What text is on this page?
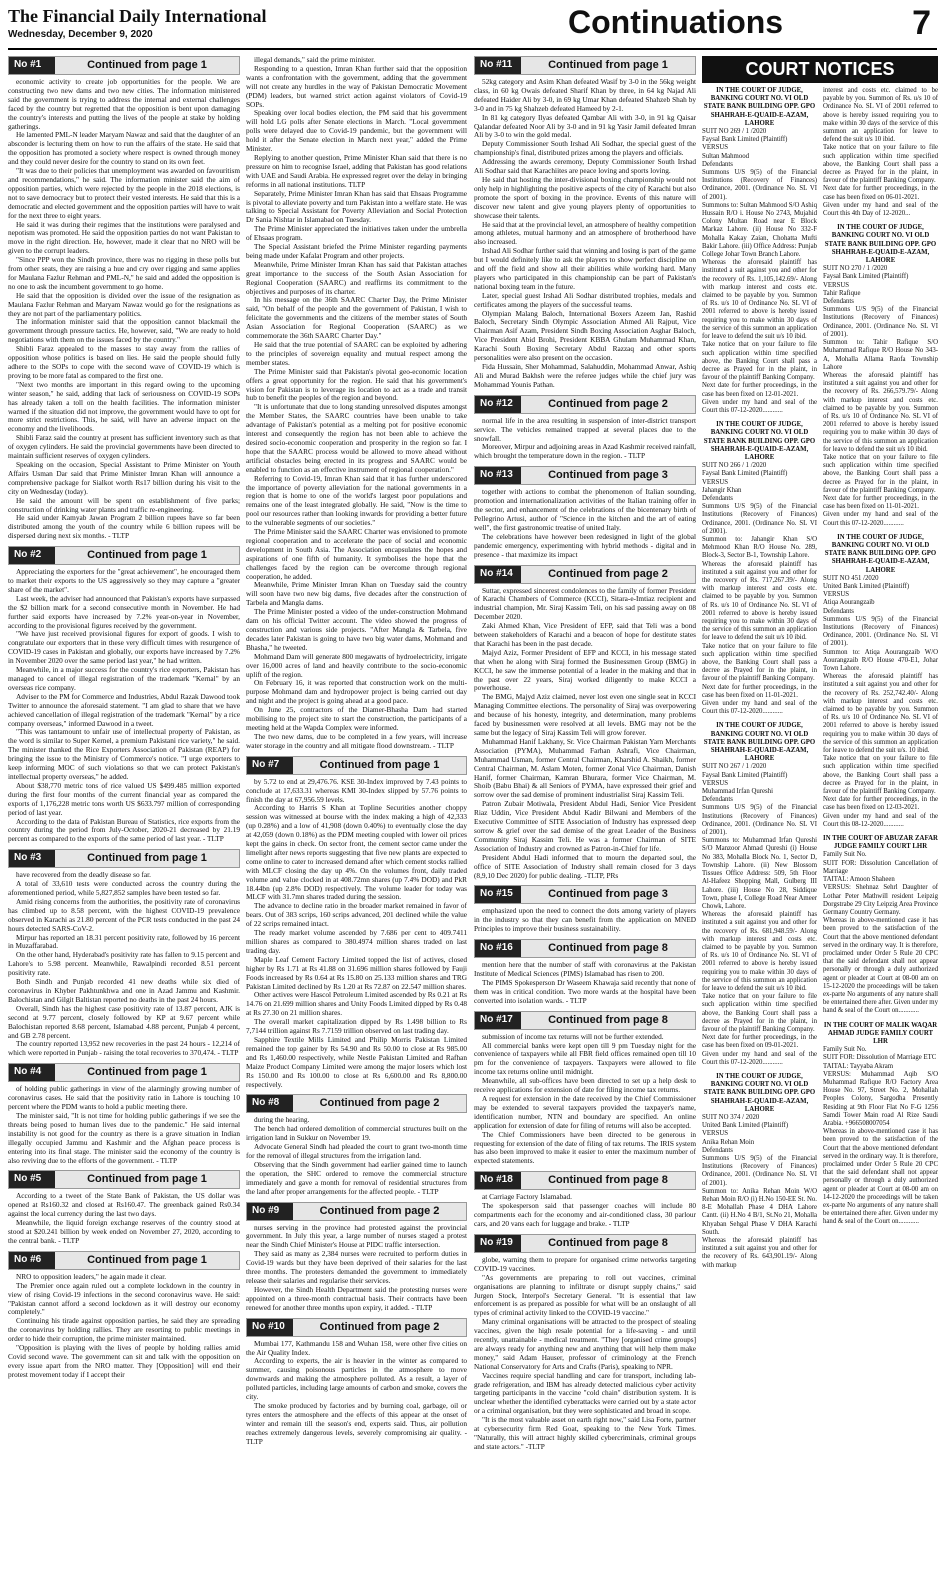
The Financial Daily International
Wednesday, December 9, 2020	Continuations	7
No #1	Continued from page 1

economic activity to create job opportunities for the people. We are constructing two new dams and two new cities. The information ministered said the government is trying to address the internal and external challenges faced by the country but regretted that the opposition is bent upon damaging the country's interests and putting the lives of the people at stake by holding gatherings.

He lamented PML-N leader Maryam Nawaz and said that the daughter of an absconder is lecturing them on how to run the affairs of the state. He said that the opposition has promoted a society where respect is owned through money and they could never desire for the country to stand on its own feet.

"It was due to their policies that unemployment was awarded on favouritism and recommendations," he said. The information minister said the aim of opposition parties, which were rejected by the people in the 2018 elections, is not to save democracy but to protect their vested interests. He said that this is a democratic and elected government and the opposition parties will have to wait for the next three to eight years.

He said it was during their regimes that the institutions were paralysed and nepotism was promoted. He said the opposition parties do not want Pakistan to move in the right direction. He, however, made it clear that no NRO will be given to the corrupt leaders.

"Since PPP won the Sindh province, there was no rigging in these polls but from other seats, they are raising a hue and cry over rigging and same applies for Maulana Fazlur Rehman and PML-N," he said and added the opposition is no one to ask the incumbent government to go home.

He said that the opposition is divided over the issue of the resignation as Maulana Fazlur Rehman and Maryam Nawaz would go for the resignations as they are not part of the parliamentary politics.

The information minister said that the opposition cannot blackmail the government through pressure tactics. He, however, said, "We are ready to hold negotiations with them on the issues faced by the country."

Shibli Faraz appealed to the masses to stay away from the rallies of opposition whose politics is based on lies. He said the people should fully adhere to the SOPs to cope with the second wave of COVID-19 which is proving to be more fatal as compared to the first one.

"Next two months are important in this regard owing to the upcoming winter season," he said, adding that lack of seriousness on COVID-19 SOPs has already taken a toll on the health facilities. The information minister warned if the situation did not improve, the government would have to opt for more strict restrictions. This, he said, will have an adverse impact on the economy and the livelihoods.

Shibli Faraz said the country at present has sufficient inventory such as that of oxygen cylinders. He said the provincial governments have been directed to maintain sufficient reserves of oxygen cylinders.

Speaking on the occasion, Special Assistant to Prime Minister on Youth Affairs Usman Dar said that Prime Minister Imran Khan will announce a comprehensive package for Sialkot worth Rs17 billion during his visit to the city on Wednesday (today).

He said the amount will be spent on establishment of five parks; construction of drinking water plants and traffic re-engineering.

He said under Kamyab Jawan Program 2 billion rupees have so far been distributed among the youth of the country while 6 billion rupees will be dispersed during next six months. - TLTP

No #2	Continued from page 1

Appreciating the exporters for the "great achievement", he encouraged them to market their exports to the US aggressively so they may capture a "greater share of the market".

Last week, the adviser had announced that Pakistan's exports have surpassed the $2 billion mark for a second consecutive month in November. He had further said exports have increased by 7.2% year-on-year in November, according to the provisional figures received by the government.

"We have just received provisional figures for export of goods. I wish to congratulate our exporters that in these very difficult times with resurgence of COVID-19 cases in Pakistan and globally, our exports have increased by 7.2% in November 2020 over the same period last year," he had written.

Meanwhile, in a major success for the country's rice exporters, Pakistan has managed to cancel of illegal registration of the trademark "Kernal" by an overseas rice company.

Adviser to the PM for Commerce and Industries, Abdul Razak Dawood took Twitter to announce the aforesaid statement. "I am glad to share that we have achieved cancellation of illegal registration of the trademark "Kernal" by a rice company overseas," informed Dawood in a tweet.

"This was tantamount to unfair use of intellectual property of Pakistan, as the word is similar to Super Kernel, a premium Pakistani rice variety," he said. The minister thanked the Rice Exporters Association of Pakistan (REAP) for bringing the issue to the Ministry of Commerce's notice. "I urge exporters to keep informing MOC of such violations so that we can protect Pakistan's intellectual property overseas," he added.

About $38,770 metric tons of rice valued US $499.485 million exported during the first four months of the current financial year as compared the exports of 1,176,228 metric tons worth US $633.797 million of corresponding period of last year.

According to the data of Pakistan Bureau of Statistics, rice exports from the country during the period from July-October, 2020-21 decreased by 21.19 percent as compared to the exports of the same period of last year. - TLTP

No #3	Continued from page 1

have recovered from the deadly disease so far.

A total of 33,610 tests were conducted across the country during the aforementioned period, while 5,827,852 samples have been tested so far.

Amid rising concerns from the authorities, the positivity rate of coronavirus has climbed up to 8.58 percent, with the highest COVID-19 prevalence observed in Karachi as 21.80 percent of the PCR tests conducted in the past 24 hours detected SARS-CoV-2.

Mirpur has reported an 18.31 percent positivity rate, followed by 16 percent in Muzaffarabad.

On the other hand, Hyderabad's positivity rate has fallen to 9.15 percent and Lahore's to 5.98 percent. Meanwhile, Rawalpindi recorded 8.51 percent positivity rate.

Both Sindh and Punjab recorded 41 new deaths while six died of coronavirus in Khyber Pakhtunkhwa and one in Azad Jammu and Kashmir. Balochistan and Gilgit Baltistan reported no deaths in the past 24 hours.

Overall, Sindh has the highest case positivity rate of 13.87 percent, AJK is second at 9.77 percent, closely followed by KP at 9.67 percent while Balochistan reported 8.68 percent, Islamabad 4.88 percent, Punjab 4 percent, and GB 2.78 percent.

The country reported 13,952 new recoveries in the past 24 hours - 12,214 of which were reported in Punjab - raising the total recoveries to 370,474. - TLTP

No #4	Continued from page 1

of holding public gatherings in view of the alarmingly growing number of coronavirus cases. He said that the positivity ratio in Lahore is touching 10 percent where the PDM wants to hold a public meeting there.

The minister said, "It is not time for holding public gatherings if we see the threats being posed to human lives due to the pandemic." He said internal instability is not good for the country as there is a grave situation in Indian illegally occupied Jammu and Kashmir and the Afghan peace process is entering into its final stage. The minister said the economy of the country is also reviving due to the efforts of the government. - TLTP

No #5	Continued from page 1

According to a tweet of the State Bank of Pakistan, the US dollar was opened at Rs160.32 and closed at Rs160.47. The greenback gained Rs0.34 against the local currency during the last two days.

Meanwhile, the liquid foreign exchange reserves of the country stood at stood at $20.241 billion by week ended on November 27, 2020, according to the central bank. - TLTP

No #6	Continued from page 1

NRO to opposition leaders," he again made it clear.

The Premier once again ruled out a complete lockdown in the country in view of rising Covid-19 infections in the second coronavirus wave. He said: "Pakistan cannot afford a second lockdown as it will destroy our economy completely."

Continuing his tirade against opposition parties, he said they are spreading the coronavirus by holding rallies. They are resorting to public meetings in order to hide their corruption, the prime minister maintained.

"Opposition is playing with the lives of people by holding rallies amid Covid second wave. The government can sit and talk with the opposition on every issue apart from the NRO matter. They [Opposition] will end their protest movement today if I accept their

illegal demands," said the prime minister.

Responding to a question, Imran Khan further said that the opposition wants a confrontation with the government, adding that the government will not create any hurdles in the way of Pakistan Democratic Movement (PDM) leaders, but warned strict action against violators of Covid-19 SOPs.

Speaking over local bodies election, the PM said that his government will hold LG polls after Senate elections in March. "Local government polls were delayed due to Covid-19 pandemic, but the government will hold it after the Senate election in March next year," added the Prime Minister.

Replying to another question, Prime Minister Khan said that there is no pressure on him to recognise Israel, adding that Pakistan has good relations with UAE and Saudi Arabia. He expressed regret over the delay in bringing reforms in all national institutions. TLTP

Separately, Prime Minister Imran Khan has said that Ehsaas Programme is pivotal to alleviate poverty and turn Pakistan into a welfare state. He was talking to Special Assistant for Poverty Alleviation and Social Protection Dr Sania Nishtar in Islamabad on Tuesday.

The Prime Minister appreciated the initiatives taken under the umbrella of Ehsaas program.

The Special Assistant briefed the Prime Minister regarding payments being made under Kafalat Program and other projects.

Meanwhile, Prime Minister Imran Khan has said that Pakistan attaches great importance to the success of the South Asian Association for Regional Cooperation (SAARC) and reaffirms its commitment to the objectives and purposes of its charter.

In his message on the 36th SAARC Charter Day, the Prime Minister said, "On behalf of the people and the government of Pakistan, I wish to felicitate the governments and the citizens of the member states of South Asian Association for Regional Cooperation (SAARC) as we commemorate the 36th SAARC Charter Day."

He said that the true potential of SAARC can be exploited by adhering to the principles of sovereign equality and mutual respect among the member states.

The Prime Minister said that Pakistan's pivotal geo-economic location offers a great opportunity for the region. He said that his government's vision for Pakistan is to leverage its location to act as a trade and transit hub to benefit the peoples of the region and beyond.

"It is unfortunate that due to long standing unresolved disputes amongst the Member States, the SAARC countries have been unable to take advantage of Pakistan's potential as a melting pot for positive economic interest and consequently the region has not been able to achieve the desired socio-economic cooperation and prosperity in the region so far. I hope that the SAARC process would be allowed to move ahead without artificial obstacles being erected in its progress and SAARC would be enabled to function as an effective instrument of regional cooperation."

Referring to Covid-19, Imran Khan said that it has further underscored the importance of poverty alleviation for the national governments in a region that is home to one of the world's largest poor populations and remains one of the least integrated globally. He said, "Now is the time to pool our resources rather than looking inwards for providing a better future to the vulnerable segments of our societies."

The Prime Minister said the SAARC Charter was envisioned to promote regional cooperation and to accelerate the pace of social and economic development in South Asia. The Association encapsulates the hopes and aspirations of one fifth of humanity. It symbolises the hope that the challenges faced by the region can be overcome through regional cooperation, he added.

Meanwhile, Prime Minister Imran Khan on Tuesday said the country will soon have two new big dams, five decades after the construction of Tarbela and Mangla dams.

The Prime Minister posted a video of the under-construction Mohmand dam on his official Twitter account. The video showed the progress of construction and various side projects. "After Mangla & Tarbela, five decades later Pakistan is going to have two big water dams, Mohmand and Bhasha," he tweeted.

Mohmand Dam will generate 800 megawatts of hydroelectricity, irrigate over 16,000 acres of land and heavily contribute to the socio-economic uplift of the region.

On February 16, it was reported that construction work on the multi-purpose Mohmand dam and hydropower project is being carried out day and night and the project is going ahead at a good pace.

On June 25, contractors of the Diamer-Bhasha Dam had started mobilising to the project site to start the construction, the participants of a meeting held at the Wapda Complex were informed.

The two new dams, due to be completed in a few years, will increase water storage in the country and all mitigate flood downstream. - TLTP

No #7	Continued from page 1

by 5.72 to end at 29,476.76. KSE 30-Index improved by 7.43 points to conclude at 17,633.31 whereas KMI 30-Index slipped by 57.76 points to finish the day at 67,956.59 levels.

According to Harris S Khan at Topline Securities another choppy session was witnessed at bourse with the index making a high of 42,333 (up 0.28%) and a low of 41,908 (down 0.40%) to eventually close the day at 42,059 (down 0.18%) as the PDM meeting coupled with lower oil prices kept the gains in check. On sector front, the cement sector came under the limelight after news reports suggesting that five new plants are expected to come online to cater to increased demand after which cement stocks rallied with MLCF closing the day up 4%. On the volumes front, daily traded volume and value clocked in at 408.72mn shares (up 7.4% DOD) and PkR 18.44bn (up 2.8% DOD) respectively. The volume leader for today was MLCF with 31.7mn shares traded during the session.

The advance to decline ratio in the broader market remained in favor of bears. Out of 383 scrips, 160 scrips advanced, 201 declined while the value of 22 scrips remained intact.

The ready market volume ascended by 7.686 per cent to 409.7411 million shares as compared to 380.4974 million shares traded on last trading day.

Maple Leaf Cement Factory Limited topped the list of actives, closed higher by Rs 1.71 at Rs 41.88 on 31.696 million shares followed by Fauji Foods increased by Rs 0.64 at Rs 15.80 on 25.133 million shares and TRG Pakistan Limited declined by Rs 1.20 at Rs 72.87 on 22.547 million shares.

Other actives were Hascol Petroleum Limited ascended by Rs 0.21 at Rs 14.76 on 21.699 million shares and Unity Foods Limited dipped by Rs 0.48 at Rs 27.30 on 21 million shares.

The overall market capitalization dipped by Rs 1.498 billion to Rs 7,7144 trillion against Rs 7.7159 trillion observed on last trading day.

Sapphire Textile Mills Limited and Philip Morris Pakistan Limited remained the top gainer by Rs 54.90 and Rs 50.00 to close at Rs 985.00 and Rs 1,460.00 respectively, while Nestle Pakistan Limited and Rafhan Maize Product Company Limited were among the major losers which lost Rs 150.00 and Rs 100.00 to close at Rs 6,600.00 and Rs 8,800.00 respectively.

No #8	Continued from page 2

during the hearing.

The bench had ordered demolition of commercial structures built on the irrigation land in Sukkur on November 19.

Advocate General Sindh had pleaded the court to grant two-month time for the removal of illegal structures from the irrigation land.

Observing that the Sindh government had earlier gained time to launch the operation, the SHC ordered to remove the commercial structure immediately and gave a month for removal of residential structures from the land after proper arrangements for the affected people. - TLTP

No #9	Continued from page 2

nurses serving in the province had protested against the provincial government. In July this year, a large number of nurses staged a protest near the Sindh Chief Minister's House at PIDC traffic intersection.

They said as many as 2,384 nurses were recruited to perform duties in Covid-19 wards but they have been deprived of their salaries for the last three months. The protesters demanded the government to immediately release their salaries and regularise their services.

However, the Sindh Health Department said the protesting nurses were appointed on a three-month contractual basis. Their contracts have been renewed for another three months upon expiry, it added. - TLTP

No #10	Continued from page 2

Mumbai 177, Kathmandu 158 and Wuhan 158, were other five cities on the Air Quality Index.

According to experts, the air is heavier in the winter as compared to summer, causing poisonous particles in the atmosphere to move downwards and making the atmosphere polluted. As a result, a layer of polluted particles, including large amounts of carbon and smoke, covers the city.

The smoke produced by factories and by burning coal, garbage, oil or tyres enters the atmosphere and the effects of this appear at the onset of winter and remain till the season's end, experts said. Thus, air pollution reaches extremely dangerous levels, severely compromising air quality. - TLTP

No #11	Continued from page 1

52kg category and Asim Khan defeated Wasif by 3-0 in the 56kg weight class, in 60 kg Owais defeated Sharif Khan by three, in 64 kg Najad Ali defeated Haider Ali by 3-0, in 69 kg Umar Khan defeated Shahzeb Shah by 3-0 and in 75 kg Shahzeb defeated Hameed by 2-1.

In 81 kg category Ilyas defeated Qambar Ali with 3-0, in 91 kg Qaisar Qalandar defeated Noor Ali by 3-0 and in 91 kg Yasir Jamil defeated Imran Ali by 3-0 to win the gold medal.

Deputy Commissioner South Irshad Ali Sodhar, the special guest of the championship's final, distributed prizes among the players and officials.

Addressing the awards ceremony, Deputy Commissioner South Irshad Ali Sodhar said that Karachiites are peace loving and sports loving.

He said that hosting the inter-divisional boxing championship would not only help in highlighting the positive aspects of the city of Karachi but also promote the sport of boxing in the province. Events of this nature will discover new talent and give young players plenty of opportunities to showcase their talents.

He said that at the provincial level, an atmosphere of healthy competition among athletes, mutual harmony and an atmosphere of brotherhood have also increased.

Irshad Ali Sodhar further said that winning and losing is part of the game but I would definitely like to ask the players to show perfect discipline on and off the field and show all their abilities while working hard. Many players who participated in this championship can be part of Pakistan's national boxing team in the future.

Later, special guest Irshad Ali Sodhar distributed trophies, medals and certificates among the players of the successful teams.

Olympian Malang Baloch, International Boxers Azeem Jan, Rashid Baloch, Secretary Sindh Olympic Association Ahmed Ali Rajput, Vice Chairman Asif Azam, President Sindh Boxing Association Asghar Baloch, Vice President Abid Brohi, President KBBA Ghulam Muhammad Khan, Karachi South Boxing Secretary Abdul Razzaq and other sports personalities were also present on the occasion.

Fida Hussain, Sher Mohammad, Salahuddin, Mohammad Anwar, Ashiq Ali and Murad Bakhsh were the referee judges while the chief jury was Mohammad Younis Pathan.

No #12	Continued from page 2

normal life in the area resulting in suspension of inter-district transport service. The vehicles remained trapped at several places due to the snowfall.

Moreover, Mirpur and adjoining areas in Azad Kashmir received rainfall, which brought the temperature down in the region. - TLTP

No #13	Continued from page 3

together with actions to combat the phenomenon of Italian sounding, promotion and internationalization activities of the Italian training offer in the sector, and enhancement of the celebrations of the bicentenary birth of Pellegrino Artusi, author of "Science in the kitchen and the art of eating well", the first gastronomic treatise of united Italy.

The celebrations have however been redesigned in light of the global pandemic emergency, experimenting with hybrid methods - digital and in presence - that maximize its impact

No #14	Continued from page 2

Suttar, expressed sincerest condolences to the family of former President of Karachi Chambers of Commerce (KCCI), Sitara-e-Imtiaz recipient and industrial champion, Mr. Siraj Kassim Teli, on his sad passing away on 08 December 2020.

Zaki Ahmed Khan, Vice President of EFP, said that Teli was a bond between stakeholders of Karachi and a beacon of hope for destitute states that Karachi has been in the past decade.

Majyd Aziz, Former President of EFP and KCCI, in his message stated that when he along with Siraj formed the Businessmen Group (BMG) in KCCI, he saw the immense potential of a leader in the making and that in the past over 22 years, Siraj worked diligently to make KCCI a powerhouse.

The BMG, Majyd Aziz claimed, never lost even one single seat in KCCI Managing Committee elections. The personality of Siraj was overpowering and because of his honesty, integrity, and determination, many problems faced by businessmen were resolved at all levels. BMG may not be the same but the legacy of Siraj Kassim Teli will grow forever.

Muhammad Hanif Lakhany, Sr. Vice Chairman Pakistan Yarn Merchants Association (PYMA), Muhammad Farhan Ashrafi, Vice Chairman, Muhammad Usman, former Central Chairman, Kharshid A. Shaikh, former Central Chairman, M. Aslam Moten, former Zonal Vice Chairman, Danish Hanif, former Chairman, Kamran Bhurara, former Vice Chairman, M. Shoib (Babu Bhai) & all Seniors of PYMA, have expressed their grief and sorrow over the sad demise of prominent industrialist Siraj Kassim Teli.

Patron Zubair Motiwala, President Abdul Hadi, Senior Vice President Riaz Uddin, Vice President Abdul Kadir Bilwani and Members of the Executive Committee of SITE Association of Industry has expressed deep sorrow & grief over the sad demise of the great Leader of the Business Community Siraj Kassim Teli. He was a former Chairman of SITE Association of Industry and crowned as Patron-in-Chief for life.

President Abdul Hadi informed that to mourn the departed soul, the office of SITE Association of Industry shall remain closed for 3 days (8,9,10 Dec 2020) for public dealing. -TLTP, PRs

No #15	Continued from page 3

emphasized upon the need to connect the dots among variety of players in the industry so that they can benefit from the application on MNED Principles to improve their business sustainability.

No #16	Continued from page 8

mention here that the number of staff with coronavirus at the Pakistan Institute of Medical Sciences (PIMS) Islamabad has risen to 200.

The PIMS Spokesperson Dr Waseem Khawaja said recently that none of them was in critical condition. Two more wards at the hospital have been converted into isolation wards. - TLTP

No #17	Continued from page 8

submission of income tax returns will not be further extended.

All commercial banks were kept open till 9 pm Tuesday night for the convenience of taxpayers while all FBR field offices remained open till 10 pm for the convenience of taxpayers. Taxpayers were allowed to file income tax returns online until midnight.

Meanwhile, all sub-offices have been directed to set up a help desk to receive applications for extension of date for filing income tax returns.

A request for extension in the date received by the Chief Commissioner may be extended to several taxpayers provided the taxpayer's name, identification number, NTN and boundary are specified. An online application for extension of date for filing of returns will also be accepted.

The Chief Commissioners have been directed to be generous in requesting for extension of the date of filing of tax returns. The IRIS system has also been improved to make it easier to enter the maximum number of expected statements.

No #18	Continued from page 8

at Carriage Factory Islamabad.

The spokesperson said that passenger coaches will include 80 compartments each for the economy and air-conditioned class, 30 parlour cars, and 20 vans each for luggage and brake. - TLTP

No #19	Continued from page 8

globe, warning them to prepare for organised crime networks targeting COVID-19 vaccines.

"As governments are preparing to roll out vaccines, criminal organisations are planning to infiltrate or disrupt supply chains," said Jurgen Stock, Interpol's Secretary General. "It is essential that law enforcement is as prepared as possible for what will be an onslaught of all types of criminal activity linked to the COVID-19 vaccine."

Many criminal organisations will be attracted to the prospect of stealing vaccines, given the high resale potential for a life-saving - and until recently, unattainable - medical treatment. "They [organised crime groups] are always ready for anything new and anything that will help them make money," said Adam Hauser, professor of criminology at the French National Conservatory for Arts and Crafts (Paris), speaking to NPR.

Vaccines require special handling and care for transport, including lab-grade refrigeration, and IBM has already detected malicious cyber activity targeting participants in the vaccine "cold chain" distribution system. It is unclear whether the identified cyberattacks were carried out by a state actor or a criminal organisation, but they were sophisticated and broad in scope.

"It is the most valuable asset on earth right now," said Lisa Forte, partner at cybersecurity firm Red Goat, speaking to the New York Times. "Naturally, this will attract highly skilled cybercriminals, criminal groups and state actors." -TLTP

COURT NOTICES
IN THE COURT OF JUDGE, BANKING COURT NO. VI OLD STATE BANK BUILDING OPP. GPO SHAHRAH-E-QUAID-E-AZAM, LAHORE
SUIT NO 269 / 1 /2020
Faysal Bank Limited (Plaintiff)
VERSUS
Sultan Mahmood
Defendants
Summons U/S 9(5) of the Financial Institutions (Recovery of Finances) Ordinance, 2001. (Ordinance No. SL VI of 2001).
Summons to: Sultan Mahmood S/O Ashiq Hussain R/O i. House No 2743, Mujahid Colony Multan Road near E Block Markaz Lahore. (ii) House No 332-F Mohalla Kakay Zaian, Chohatta Mufti Bakir Lahore. (iii) Office Address: Punjab College Johar Town Branch Lahore.
Whereas the aforesaid plaintiff has instituted a suit against you and other for the recovery of Rs. 1,105,142.69/- Along with markup interest and costs etc. claimed to be payable by you. Summon of Rs. u/s 10 of Ordinance No. SL VI of 2001 referred to above is hereby issued requiring you to make within 30 days of the service of this summon an application for leave to defend the suit u/s 10 ibid.
Take notice that on your failure to file such application within time specified above, the Banking Court shall pass a decree as Prayed for in the plaint, in favour of the plaintiff Banking Company.
Next date for further proceedings, in the case has been fixed on 12-01-2021.
Given under my hand and seal of the Court this 07-12-2020............
IN THE COURT OF JUDGE, BANKING COURT NO. VI OLD STATE BANK BUILDING OPP. GPO SHAHRAH-E-QUAID-E-AZAM, LAHORE
SUIT NO 266 / 1 /2020
Faysal Bank Limited (Plaintiff)
VERSUS
Jahangir Khan
Defendants
Summons U/S 9(5) of the Financial Institutions (Recovery of Finances) Ordinance, 2001. (Ordinance No. SL VI of 2001).
Summon to: Jahangir Khan S/O Mehmood Khan R/O House No. 289, Block-3, Sector B-1, Township Lahore.
Whereas the aforesaid plaintiff has instituted a suit against you and other for the recovery of Rs. 717,267.39/- Along with markup interest and costs etc. claimed to be payable by you. Summon of Rs. u/s 10 of Ordinance No. SL VI of 2001 referred to above is hereby issued requiring you to make within 30 days of the service of this summon an application for leave to defend the suit u/s 10 ibid.
Take notice that on your failure to file such application within time specified above, the Banking Court shall pass a decree as Prayed for in the plaint, in favour of the plaintiff Banking Company.
Next date for further proceedings, in the case has been fixed on 11-01-2021.
Given under my hand and seal of the Court this 07-12-2020............
IN THE COURT OF JUDGE, BANKING COURT NO. VI OLD STATE BANK BUILDING OPP. GPO SHAHRAH-E-QUAID-E-AZAM, LAHORE
SUIT NO 267 / 1 /2020
Faysal Bank Limited (Plaintiff)
VERSUS
Muhammad Irfan Qureshi
Defendants
Summons U/S 9(5) of the Financial Institutions (Recovery of Finances) Ordinance, 2001. (Ordinance No. SL VI of 2001).
Summons to: Muhammad Irfan Qureshi S/O Manzoor Ahmad Qureshi (i) House No 383, Mohalla Block No. 1, Sector D, Township Lahore. (ii) New Blossom Tissues Office Address: 509, 5th Floor Al-Hafeez Shopping Mall, Gulberg III Lahore. (iii) House No 28, Siddique Town, phase I, College Road Near Ameer Chowk, Lahore.
Whereas the aforesaid plaintiff has instituted a suit against you and other for the recovery of Rs. 681,948.59/- Along with markup interest and costs etc. claimed to be payable by you. Summon of Rs. u/s 10 of Ordinance No. SL VI of 2001 referred to above is hereby issued requiring you to make within 30 days of the service of this summon an application for leave to defend the suit u/s 10 ibid.
Take notice that on your failure to file such application within time specified above, the Banking Court shall pass a decree as Prayed for in the plaint, in favour of the plaintiff Banking Company.
Next date for further proceedings, in the case has been fixed on 09-01-2021.
Given under my hand and seal of the Court this 07-12-2020............
IN THE COURT OF JUDGE, BANKING COURT NO. VI OLD STATE BANK BUILDING OPP. GPO SHAHRAH-E-QUAID-E-AZAM, LAHORE
SUIT NO 374 / 2020
United Bank Limited (Plaintiff)
VERSUS
Anika Rehan Moin
Defendants
Summons U/S 9(5) of the Financial Institutions (Recovery of Finances) Ordinance, 2001. (Ordinance No. SL VI of 2001).
Summon to: Anika Rehan Moin W/O Rehan Moin R/O (i) H.No 150-EE St. No. 8-E Mohallah Phase 4 DHA Lahore Cantt. (ii) H.No 4 B/1, St.No 21, Mohalla Khyaban Sehgal Phase V DHA Karachi South.
Whereas the aforesaid plaintiff has instituted a suit against you and other for the recovery of Rs. 643,901.19/- Along with markup
interest and costs etc. claimed to be payable by you. Summon of Rs. u/s 10 of Ordinance No. SL VI of 2001 referred to above is hereby issued requiring you to make within 30 days of the service of this summon an application for leave to defend the suit u/s 10 ibid.
Take notice that on your failure to file such application within time specified above, the Banking Court shall pass a decree as Prayed for in the plaint, in favour of the plaintiff Banking Company.
Next date for further proceedings, in the case has been fixed on 06-01-2021.
Given under my hand and seal of the Court this 4th Day of 12-2020...
IN THE COURT OF JUDGE, BANKING COURT NO. VI OLD STATE BANK BUILDING OPP. GPO SHAHRAH-E-QUAID-E-AZAM, LAHORE
SUIT NO 270 / 1 /2020
Faysal Bank Limited (Plaintiff)
VERSUS
Tahir Rafique
Defendants
Summons U/S 9(5) of the Financial Institutions (Recovery of Finances) Ordinance, 2001. (Ordinance No. SL VI of 2001).
Summon to: Tahir Rafique S/O Muhammad Rafique R/O House No 343-A, Mohalla Allama Raofa Township Lahore
Whereas the aforesaid plaintiff has instituted a suit against you and other for the recovery of Rs. 266,579.79/- Along with markup interest and costs etc. claimed to be payable by you. Summon of Rs. u/s 10 of Ordinance No. SL VI of 2001 referred to above is hereby issued requiring you to make within 30 days of the service of this summon an application for leave to defend the suit u/s 10 ibid.
Take notice that on your failure to file such application within time specified above, the Banking Court shall pass a decree as Prayed for in the plaint, in favour of the plaintiff Banking Company.
Next date for further proceedings, in the case has been fixed on 11-01-2021.
Given under my hand and seal of the Court this 07-12-2020............
IN THE COURT OF JUDGE, BANKING COURT NO. VI OLD STATE BANK BUILDING OPP. GPO SHAHRAH-E-QUAID-E-AZAM, LAHORE
SUIT NO 451 /2020
United Bank Limited (Plaintiff)
VERSUS
Atiqa Aourangzaib
Defendants
Summons U/S 9(5) of the Financial Institutions (Recovery of Finances) Ordinance, 2001. (Ordinance No. SL VI of 2001).
Summon to: Atiqa Aourangzaib W/O Aourangzaib R/O House 470-E1, Johar Town Lahore.
Whereas the aforesaid plaintiff has instituted a suit against you and other for the recovery of Rs. 252,742.40/- Along with markup interest and costs etc. claimed to be payable by you. Summon of Rs. u/s 10 of Ordinance No. SL VI of 2001 referred to above is hereby issued requiring you to make within 30 days of the service of this summon an application for leave to defend the suit u/s. 10 ibid.
Take notice that on your failure to file such application within time specified above, the Banking Court shall pass a decree as Prayed for in the plaint, in favour of the plaintiff Banking Company.
Next date for further proceedings, in the case has been fixed on 12-03-2021.
Given under my hand and seal of the Court this 08-12-2020............
IN THE COURT OF ABUZAR ZAFAR JUDGE FAMILY COURT LHR
Family Suit No.
SUIT FOR: Dissolution Cancellation of Marriage
TAITAL: Amoon Shaheen
VERSUS: Shehnaz Sehrl Daughter of Lothar Peter Mathwill resident Leipzig Dorgstrabe 29 City Leipzig Area Province Germany Country Germany.
Whereas in above-mentioned case it has been proved to the satisfaction of the Court that the above mentioned defendant served in the ordinary way. It is therefore, proclaimed under Order 5 Rule 20 CPC that the said defendant shall not appear personally or through a duly authorized agent or pleader at Court at 08-00 am on 15-12-2020 the proceedings will be taken ex-parte No arguments of any nature shall be entertained there after. Given under my hand & seal of the Court on............
IN THE COURT OF MALIK WAQAR AHMAD JUDGE FAMILY COURT LHR
Family Suit No.
SUIT FOR: Dissolution of Marriage ETC
TAITAL: Tayyaba Akram
VERSUS: Muhammad Aqib S/O Muhammad Rafique R/O Factory Area House No. 97, Street No. 2, Mohallah Peoples Colony, Sargodha Presently Residing at 9th Floor Flat No F-G 1256 Samdi Tower Main road Al Rize Saudi Arabia. +966508007054
Whereas in above-mentioned case it has been proved to the satisfaction of the Court that the above mentioned defendant served in the ordinary way. It is therefore, proclaimed under Order 5 Rule 20 CPC that the said defendant shall not appear personally or through a duly authorized agent or pleader at Court at 08-00 am on 14-12-2020 the proceedings will be taken ex-parte No arguments of any nature shall be entertained there after. Given under my hand & seal of the Court on............
